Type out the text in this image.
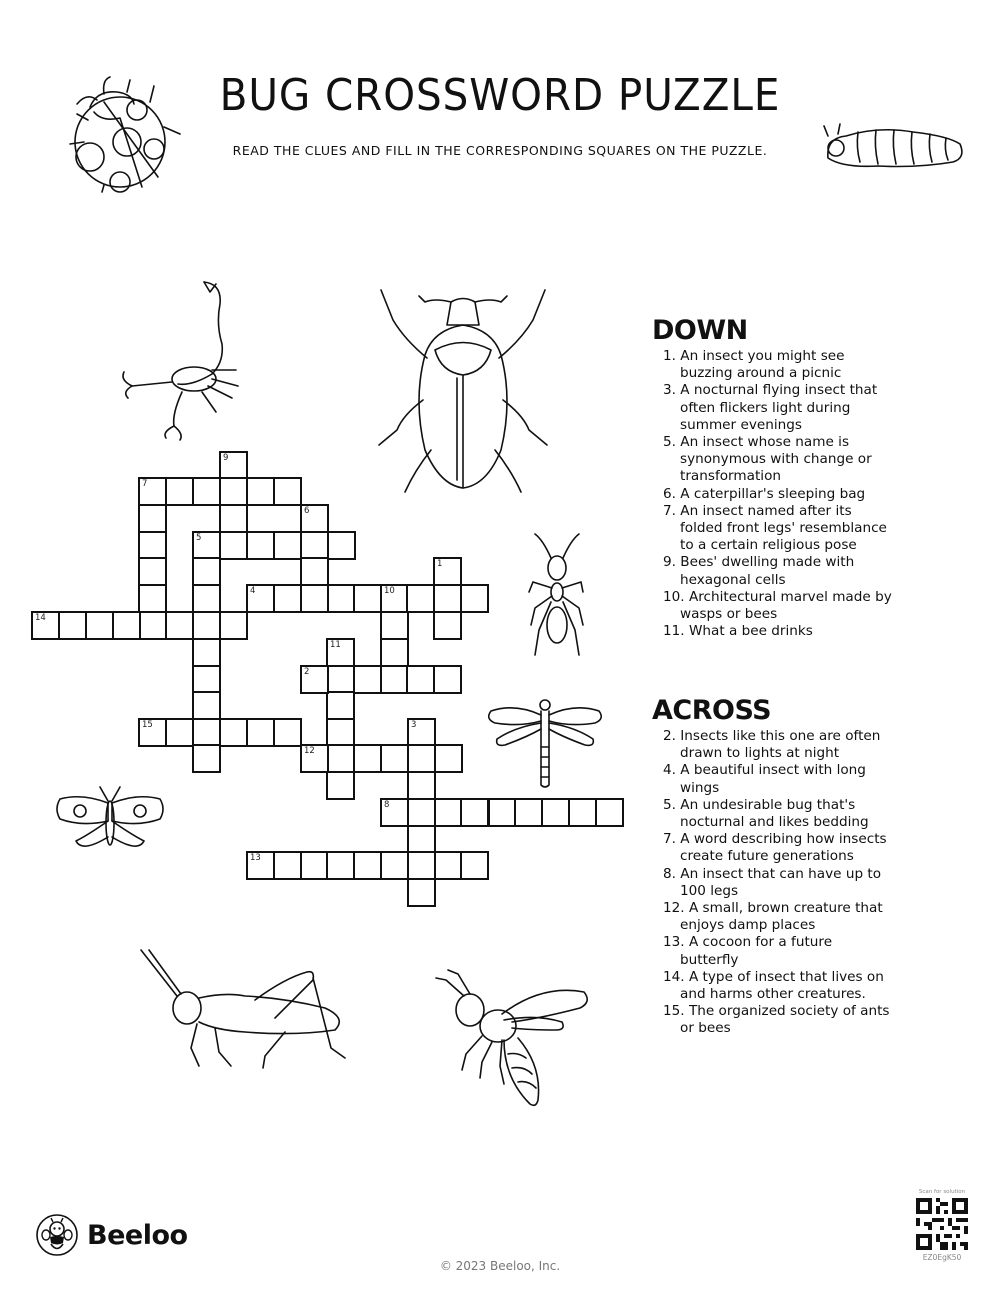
BUG CROSSWORD PUZZLE
READ THE CLUES AND FILL IN THE CORRESPONDING SQUARES ON THE PUZZLE.
9
7
6
5
1
4	10
14
11
2
15	3
12
8
13
DOWN
1. An insect you might see buzzing around a picnic
3. A nocturnal flying insect that often flickers light during summer evenings
5. An insect whose name is synonymous with change or transformation
6. A caterpillar's sleeping bag
7. An insect named after its folded front legs' resemblance to a certain religious pose
9. Bees' dwelling made with hexagonal cells
10. Architectural marvel made by wasps or bees
11. What a bee drinks
ACROSS
2. Insects like this one are often drawn to lights at night
4. A beautiful insect with long wings
5. An undesirable bug that's nocturnal and likes bedding
7. A word describing how insects create future generations
8. An insect that can have up to 100 legs
12. A small, brown creature that enjoys damp places
13. A cocoon for a future butterfly
14. A type of insect that lives on and harms other creatures.
15. The organized society of ants or bees
Beeloo
© 2023 Beeloo, Inc.
Scan for solution
EZ0EgK50
